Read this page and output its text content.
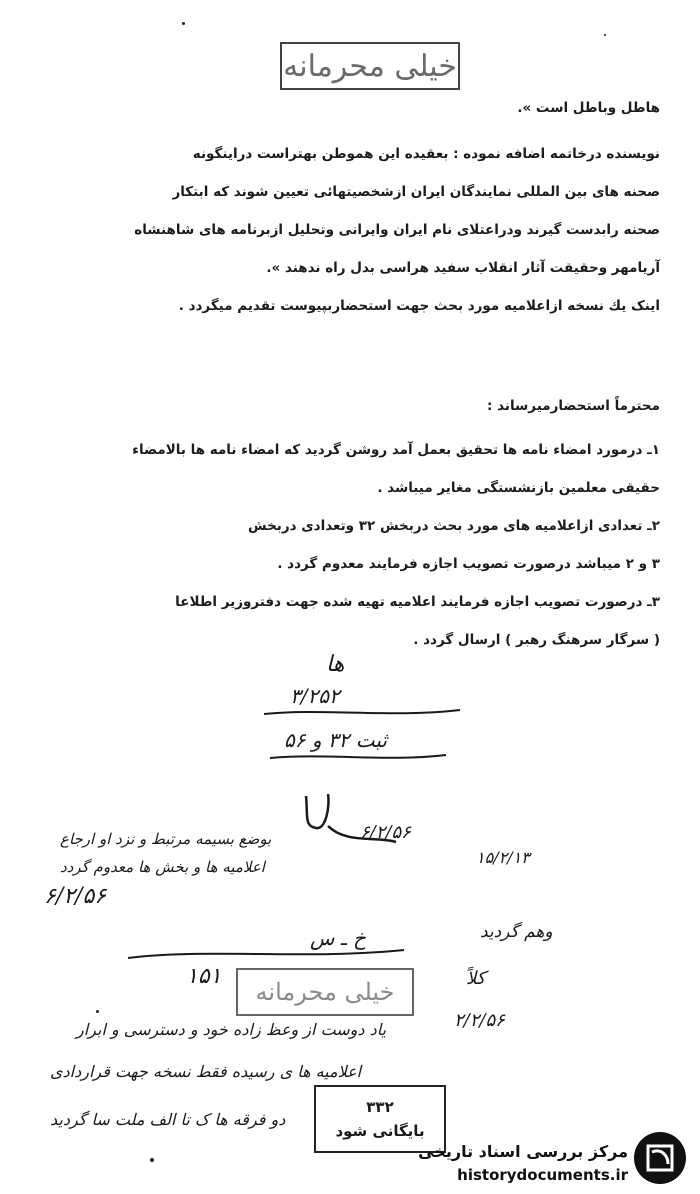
خیلی محرمانه
هاطل وباطل است ».
نويسنده درخاتمه اضافه نموده : بعقيده اين هموطن بهتراست دراينگونه
صحنه های بین المللی نمایندگان ایران ازشخصیتهائی تعیین شوند که ابتکار
صحنه رابدست گیرند ودراعتلای نام ایران وایرانی وتحلیل ازبرنامه های شاهنشاه
آریامهر وحقیقت آثار انقلاب سفید هراسی بدل راه ندهند ».
اینک یك نسخه ازاعلامیه مورد بحث جهت استحضاربپیوست تقدیم میگردد .
محترماً استحضارمیرساند :
۱ـ درمورد امضاء نامه ها تحقیق بعمل آمد روشن گردید که امضاء نامه ها بالامضاء
حقیقی معلمین بازنشستگی مغایر میباشد .
۲ـ تعدادی ازاعلامیه های مورد بحث دربخش ۳۲ وتعدادی دربخش
۳ و ۲ میباشد درصورت تصویب اجازه فرمایند معدوم گردد .
۳ـ درصورت تصویب اجازه فرمایند اعلامیه تهیه شده جهت دفتروزیر اطلاعا
( سرگار سرهنگ رهبر ) ارسال گردد .
ها
۳/۲۵۲
ثبت ۳۲ و ۵۶
۶/۲/۵۶
بوضع بسیمه مرتبط و نزد او ارجاع
اعلامیه ها و بخش ها معدوم گردد
۶/۲/۵۶
۱۵/۲/۱۳
وهم گردید
کلاً
۲/۲/۵۶
خ ـ س
۱۵۱
خیلی محرمانه
یاد دوست از وعظ زاده خود و دسترسی و ابرار
اعلامیه ها ی رسیده فقط نسخه جهت قراردادی
دو فرقه ها ک تا الف ملت سا گردید
۳۳۲
بایگانی شود
مرکز بررسی اسناد تاریخی
historydocuments.ir
